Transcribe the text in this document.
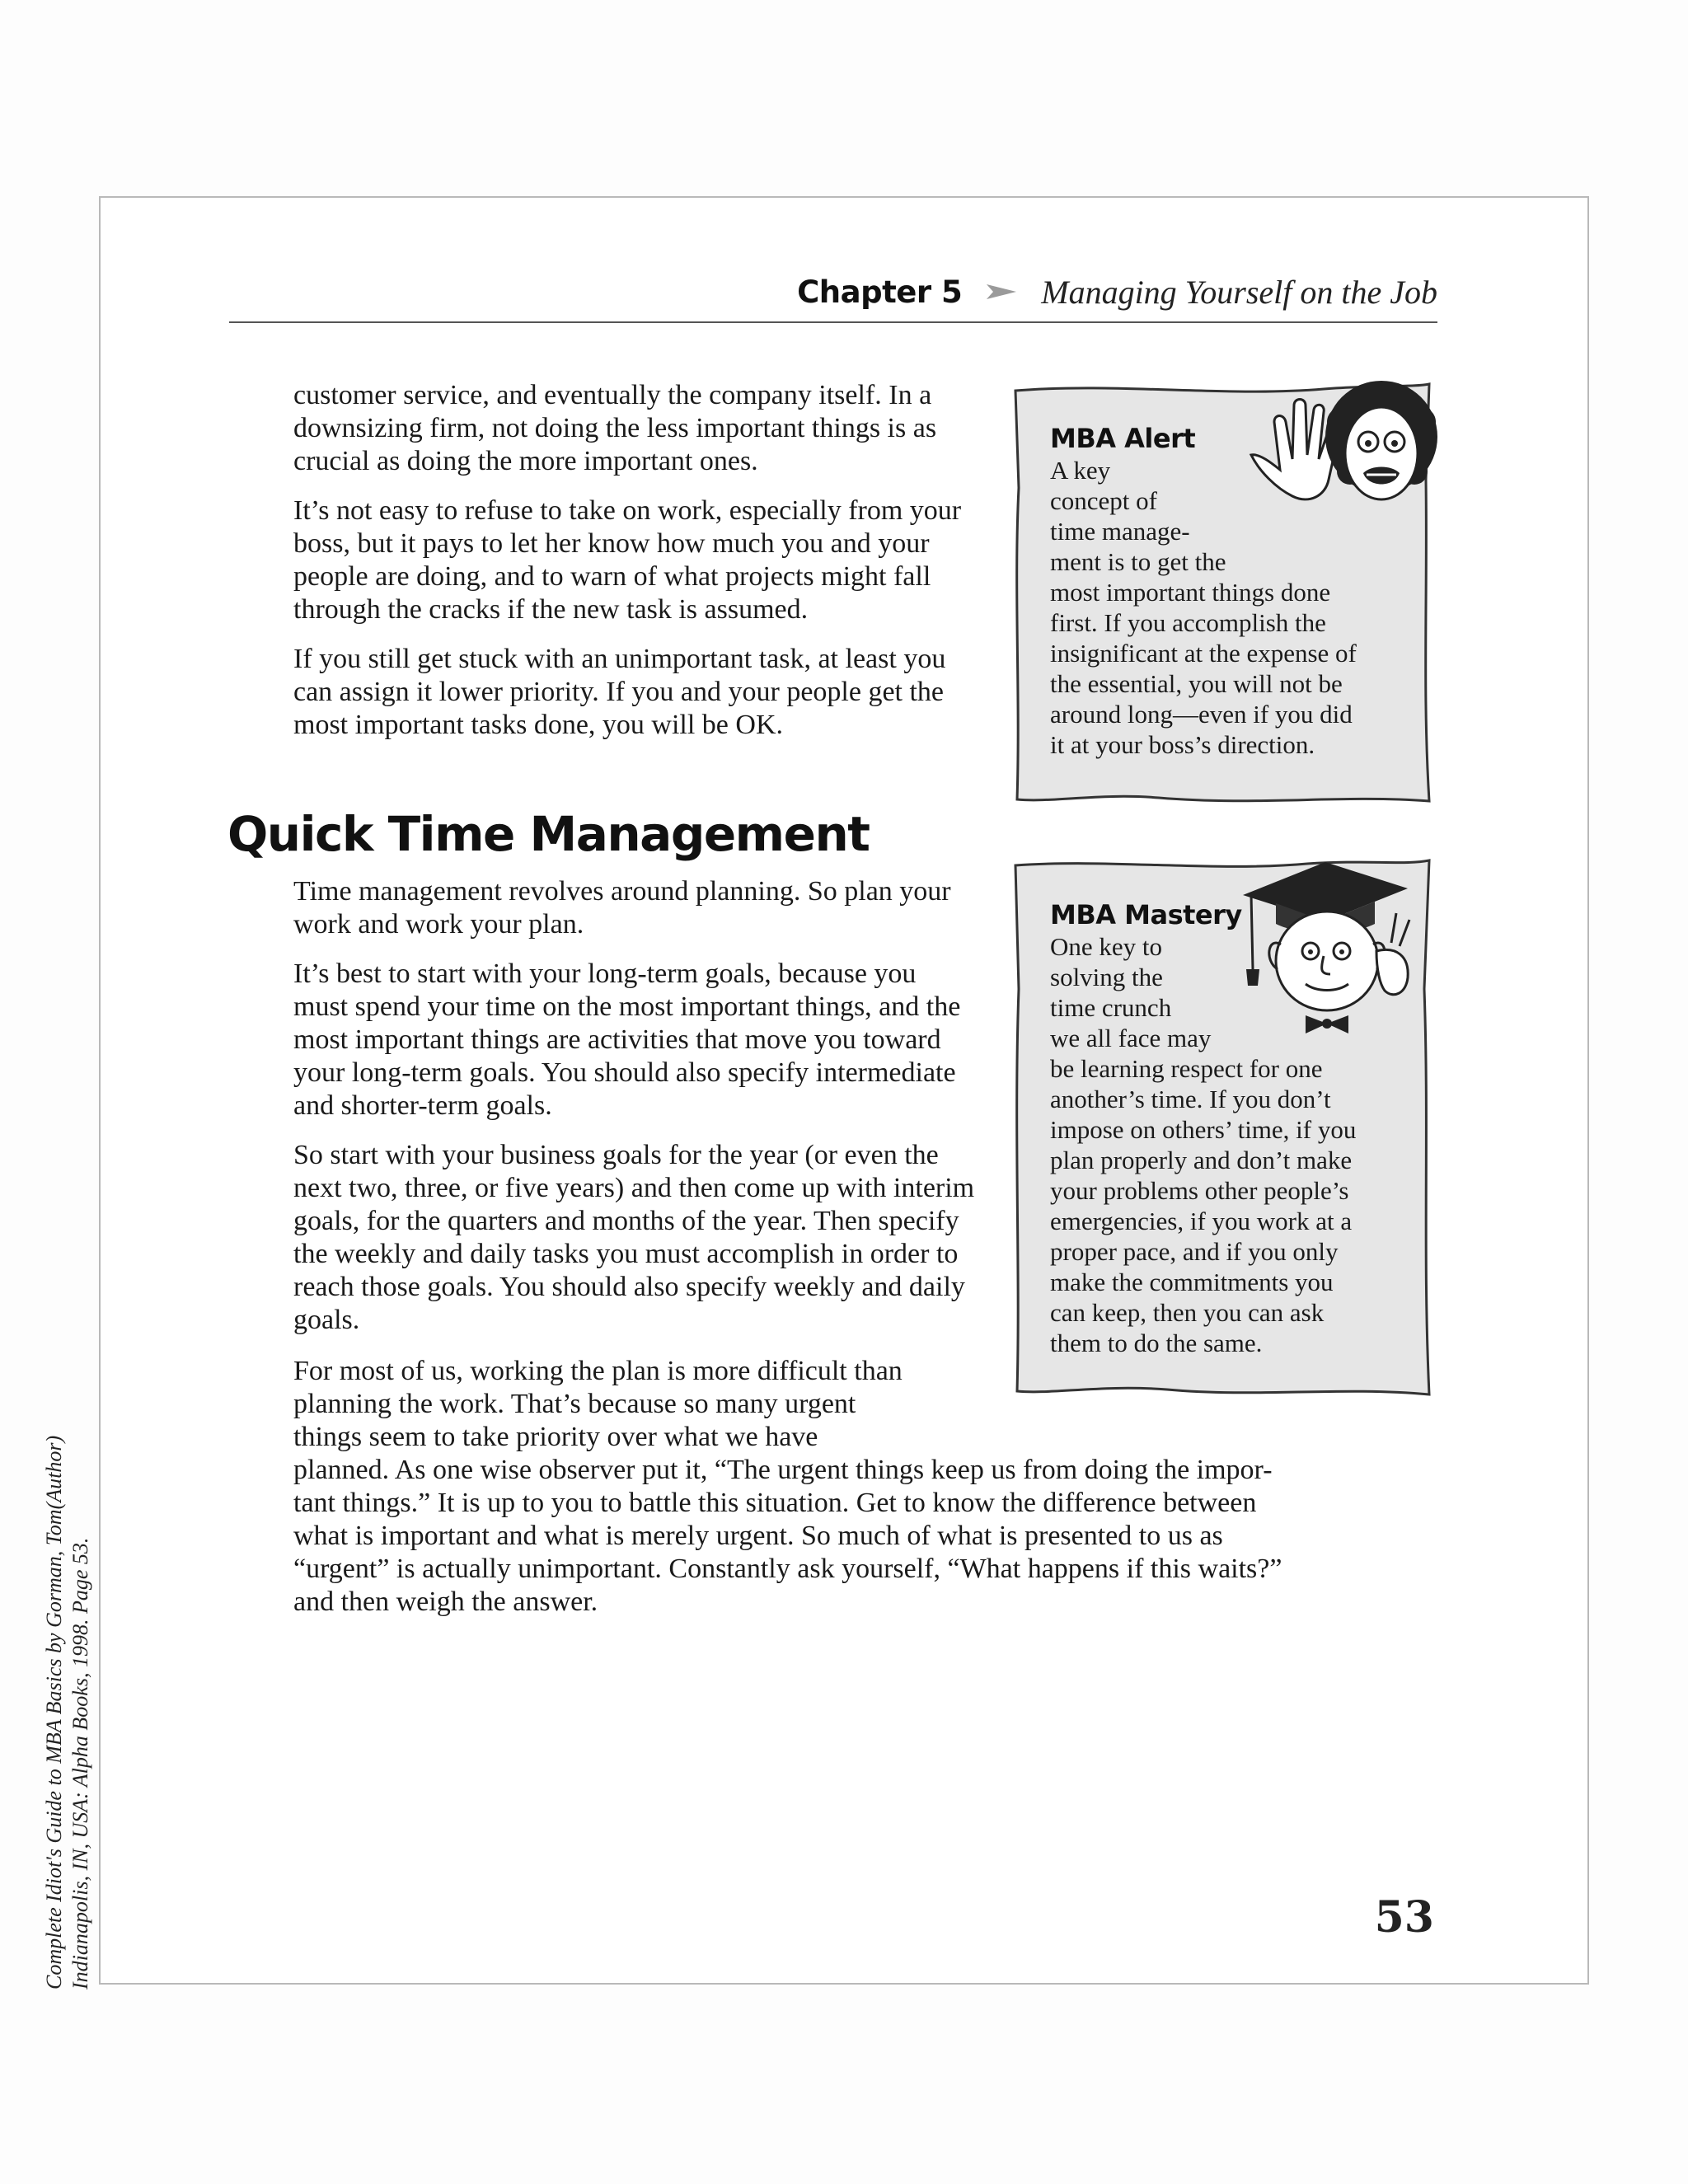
Chapter 5 Managing Yourself on the Job

customer service, and eventually the company itself. In a downsizing firm, not doing the less important things is as crucial as doing the more important ones.

It’s not easy to refuse to take on work, especially from your boss, but it pays to let her know how much you and your people are doing, and to warn of what projects might fall through the cracks if the new task is assumed.

If you still get stuck with an unimportant task, at least you can assign it lower priority. If you and your people get the most important tasks done, you will be OK.

Quick Time Management

Time management revolves around planning. So plan your work and work your plan.

It’s best to start with your long-term goals, because you must spend your time on the most important things, and the most important things are activities that move you toward your long-term goals. You should also specify intermediate and shorter-term goals.

So start with your business goals for the year (or even the next two, three, or five years) and then come up with interim goals, for the quarters and months of the year. Then specify the weekly and daily tasks you must accomplish in order to reach those goals. You should also specify weekly and daily goals.

For most of us, working the plan is more difficult than
planning the work. That’s because so many urgent
things seem to take priority over what we have
planned. As one wise observer put it, “The urgent things keep us from doing the impor-
tant things.” It is up to you to battle this situation. Get to know the difference between
what is important and what is merely urgent. So much of what is presented to us as
“urgent” is actually unimportant. Constantly ask yourself, “What happens if this waits?”
and then weigh the answer.
MBA Alert
A key
concept of
time manage-
ment is to get the
most important things done
first. If you accomplish the
insignificant at the expense of
the essential, you will not be
around long—even if you did
it at your boss’s direction.
MBA Mastery
One key to
solving the
time crunch
we all face may
be learning respect for one
another’s time. If you don’t
impose on others’ time, if you
plan properly and don’t make
your problems other people’s
emergencies, if you work at a
proper pace, and if you only
make the commitments you
can keep, then you can ask
them to do the same.
Complete Idiot's Guide to MBA Basics by Gorman, Tom(Author) Indianapolis, IN, USA: Alpha Books, 1998. Page 53.	53
